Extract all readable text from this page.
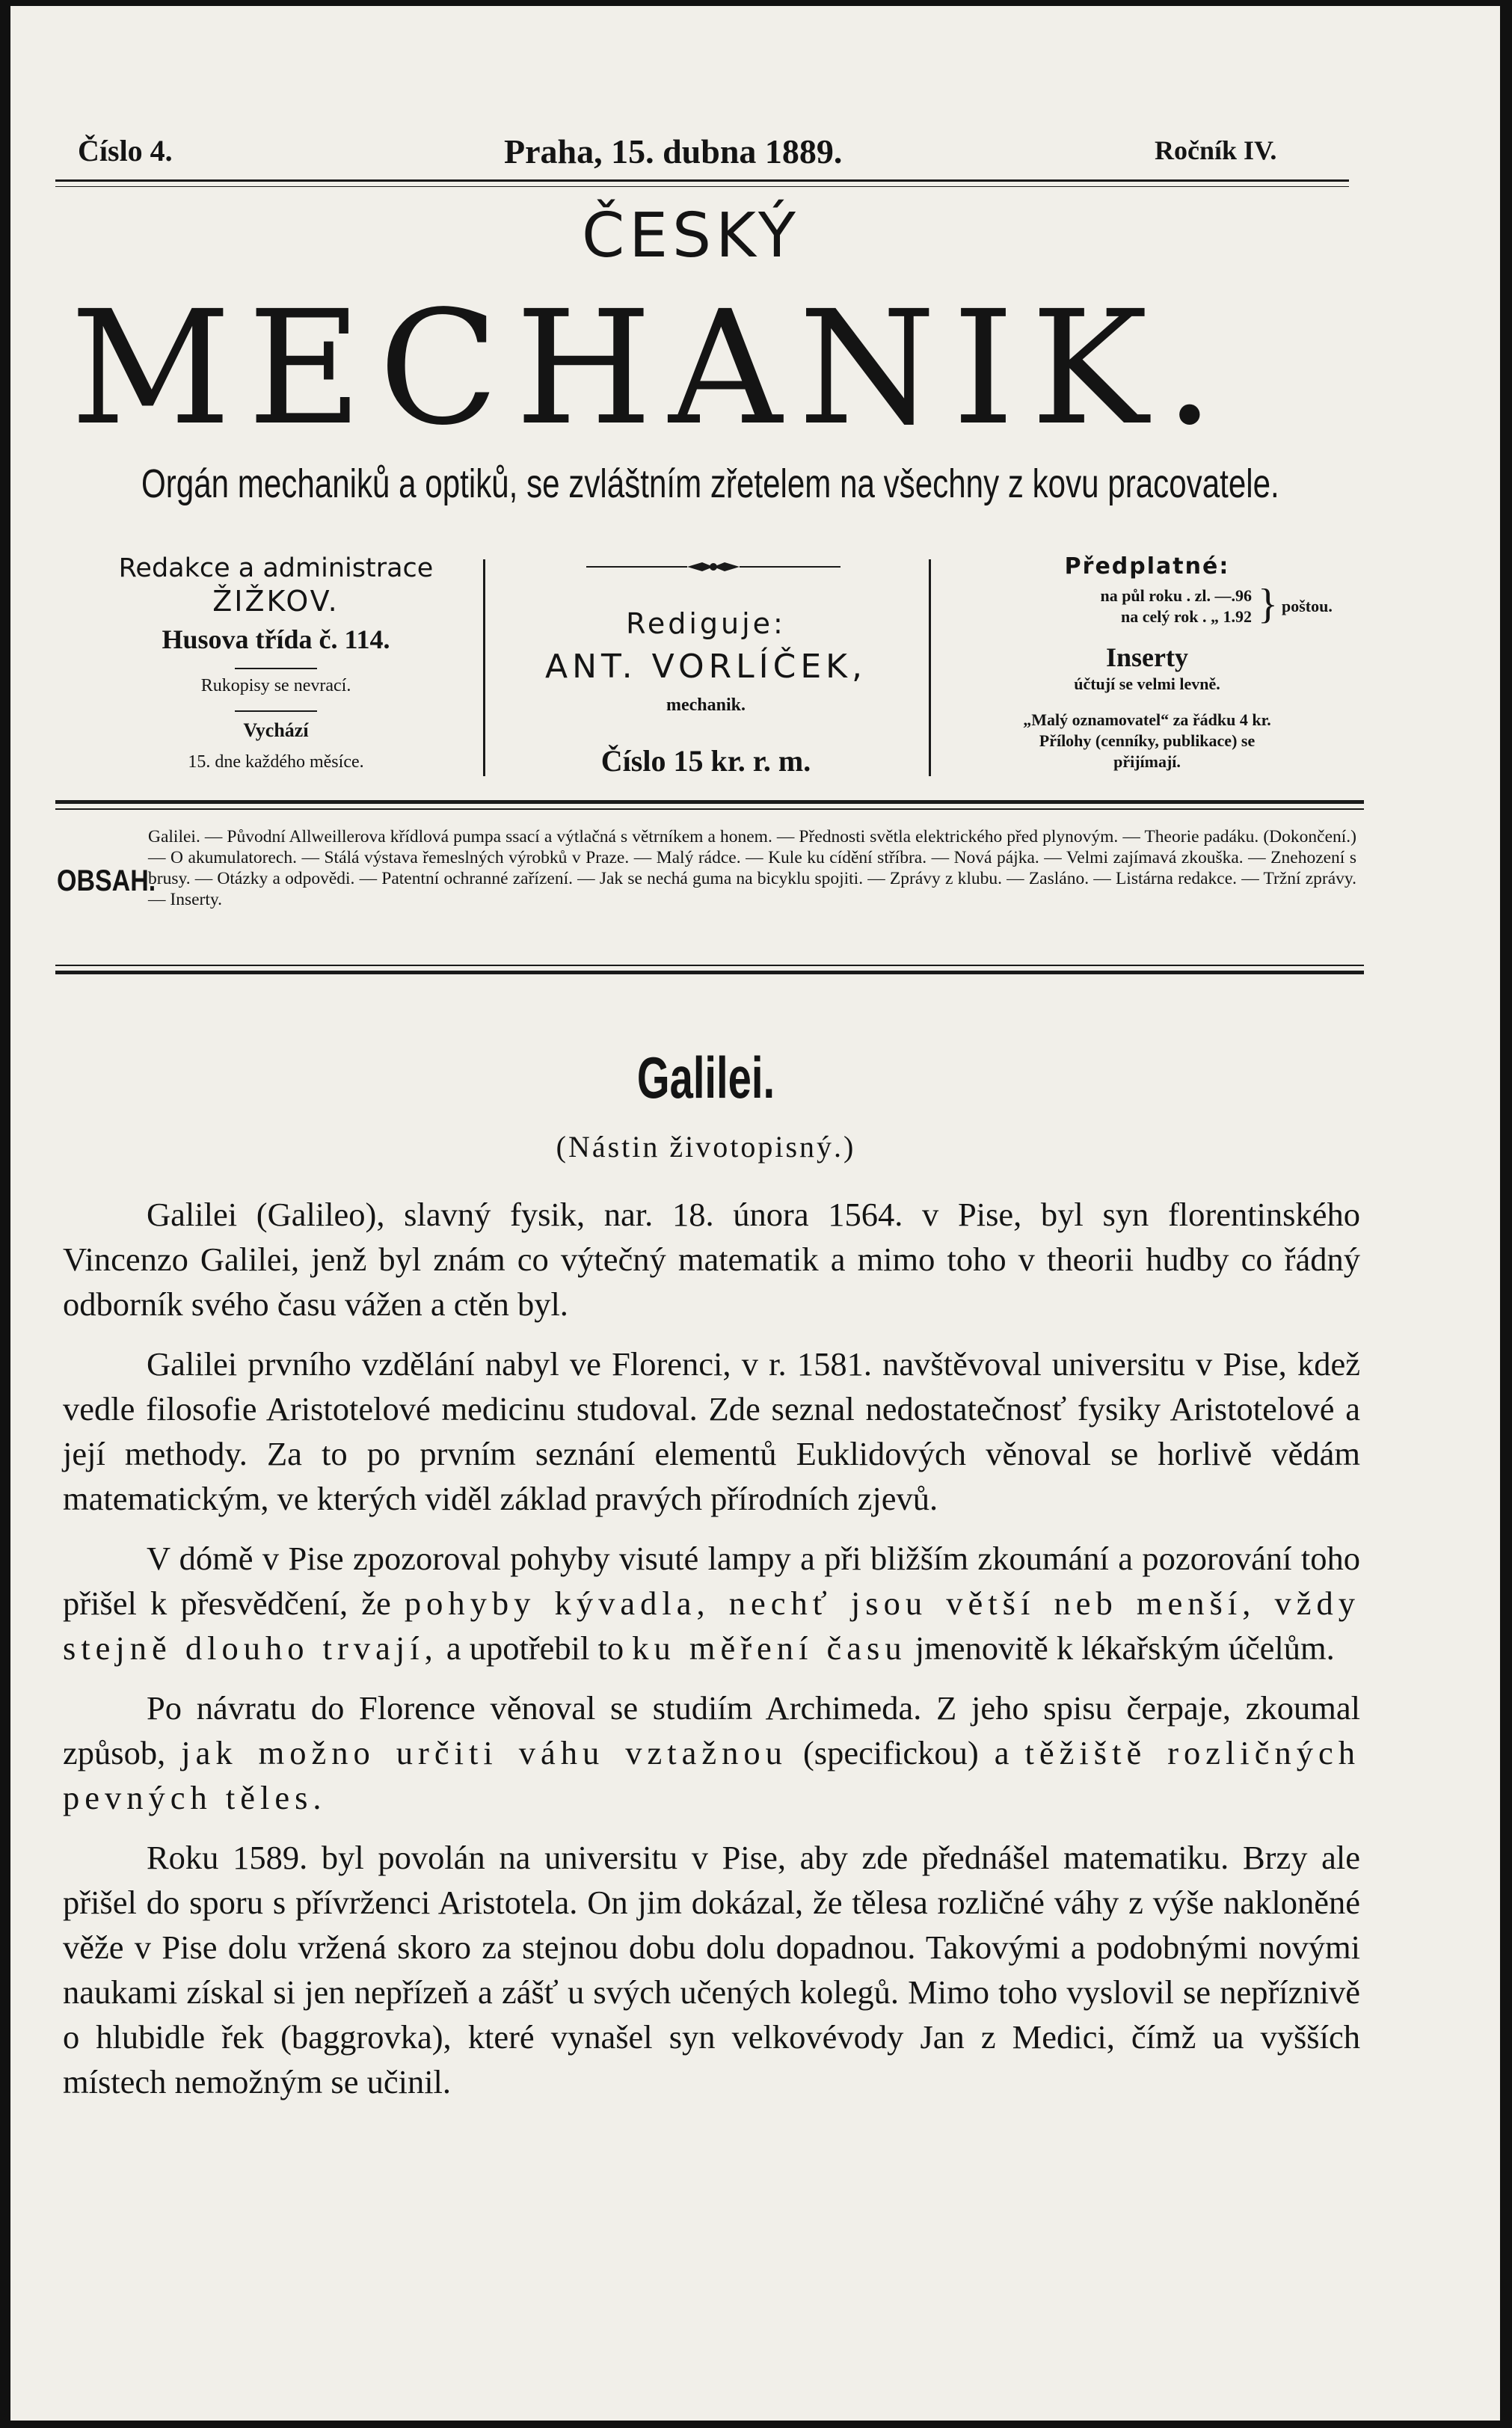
Číslo 4.	Praha, 15. dubna 1889.	Ročník IV.
ČESKÝ
MECHANIK.
Orgán mechaniků a optiků, se zvláštním zřetelem na všechny z kovu pracovatele.
Redakce a administrace
ŽIŽKOV.
Husova třída č. 114.
Rukopisy se nevrací.
Vychází
15. dne každého měsíce.
Rediguje:
ANT. VORLÍČEK,
mechanik.
Číslo 15 kr. r. m.
Předplatné:
na půl roku . zl. —.96
na celý rok . „ 1.92 } poštou.
Inserty
účtují se velmi levně.
„Malý oznamovatel“ za řádku 4 kr.
Přílohy (cenníky, publikace) se
přijímají.
OBSAH.
Galilei. — Původní Allweillerova křídlová pumpa ssací a výtlačná s větrníkem a honem. — Přednosti světla elektrického před plynovým. — Theorie padáku. (Dokončení.) — O akumulatorech. — Stálá výstava řemeslných výrobků v Praze. — Malý rádce. — Kule ku cídění stříbra. — Nová pájka. — Velmi zajímavá zkouška. — Znehození s brusy. — Otázky a odpovědi. — Patentní ochranné zařízení. — Jak se nechá guma na bicyklu spojiti. — Zprávy z klubu. — Zasláno. — Listárna redakce. — Tržní zprávy. — Inserty.
Galilei.
(Nástin životopisný.)

Galilei (Galileo), slavný fysik, nar. 18. února 1564. v Pise, byl syn florentinského Vincenzo Galilei, jenž byl znám co výtečný matematik a mimo toho v theorii hudby co řádný odborník svého času vážen a ctěn byl.

Galilei prvního vzdělání nabyl ve Florenci, v r. 1581. navštěvoval universitu v Pise, kdež vedle filosofie Aristotelové medicinu studoval. Zde seznal nedostatečnosť fysiky Aristotelové a její methody. Za to po prvním seznání elementů Euklidových věnoval se horlivě vědám matematickým, ve kterých viděl základ pravých přírodních zjevů.

V dómě v Pise zpozoroval pohyby visuté lampy a při bližším zkoumání a pozorování toho přišel k přesvědčení, že pohyby kývadla, nechť jsou větší neb menší, vždy stejně dlouho trvají, a upotřebil to ku měření času jmenovitě k lékařským účelům.

Po návratu do Florence věnoval se studiím Archimeda. Z jeho spisu čerpaje, zkoumal způsob, jak možno určiti váhu vztažnou (specifickou) a těžiště rozličných pevných těles.

Roku 1589. byl povolán na universitu v Pise, aby zde přednášel matematiku. Brzy ale přišel do sporu s přívrženci Aristotela. On jim dokázal, že tělesa rozličné váhy z výše nakloněné věže v Pise dolu vržená skoro za stejnou dobu dolu dopadnou. Takovými a podobnými novými naukami získal si jen nepřízeň a zášť u svých učených kolegů. Mimo toho vyslovil se nepříznivě o hlubidle řek (baggrovka), které vynašel syn velkovévody Jan z Medici, čímž ua vyšších místech nemožným se učinil.
